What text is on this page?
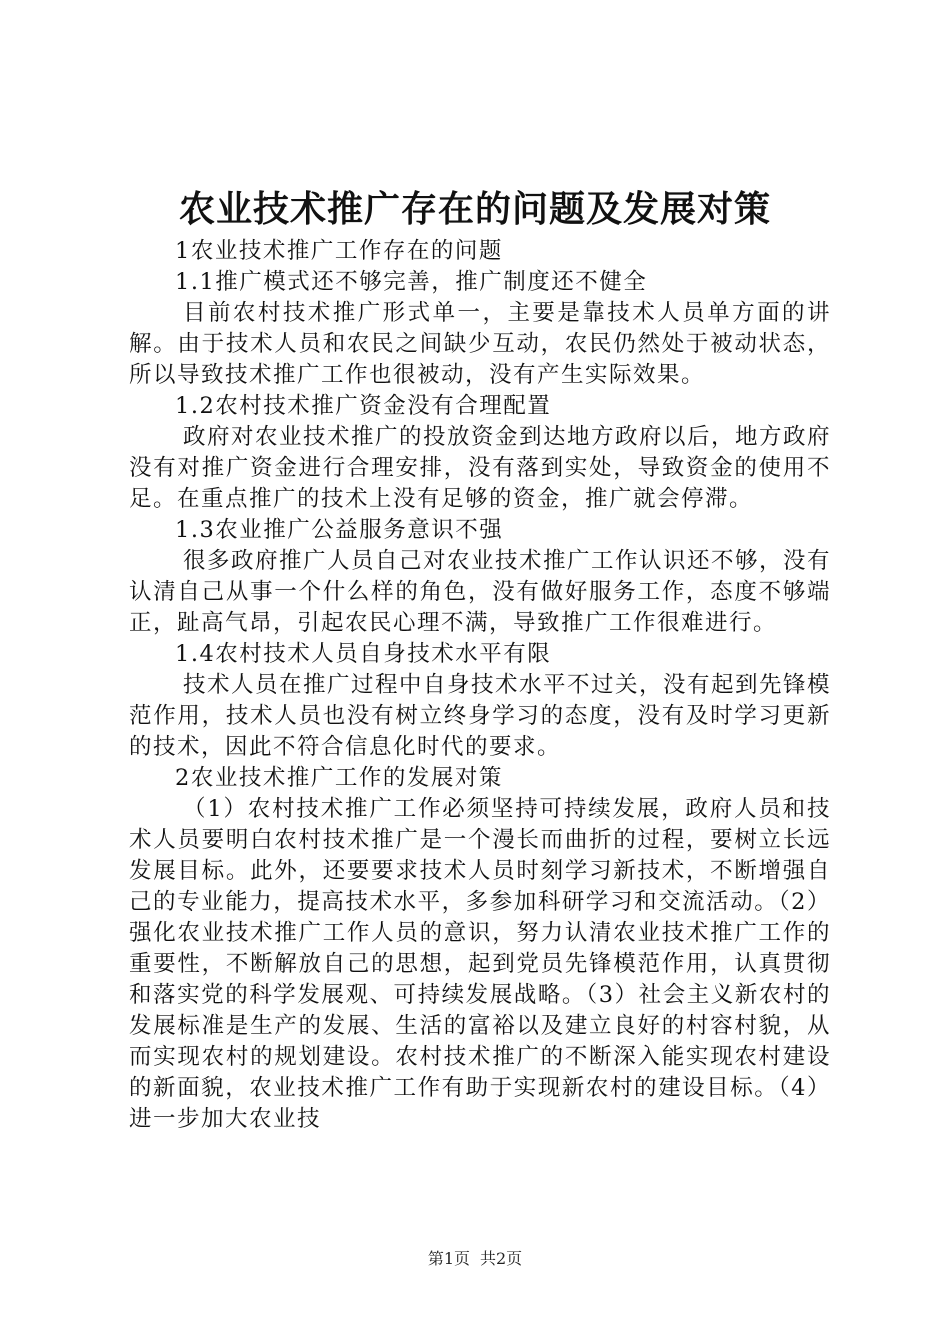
农业技术推广存在的问题及发展对策

1农业技术推广工作存在的问题

1.1推广模式还不够完善，推广制度还不健全

目前农村技术推广形式单一，主要是靠技术人员单方面的讲解。由于技术人员和农民之间缺少互动，农民仍然处于被动状态，所以导致技术推广工作也很被动，没有产生实际效果。

1.2农村技术推广资金没有合理配置

政府对农业技术推广的投放资金到达地方政府以后，地方政府没有对推广资金进行合理安排，没有落到实处，导致资金的使用不足。在重点推广的技术上没有足够的资金，推广就会停滞。

1.3农业推广公益服务意识不强

很多政府推广人员自己对农业技术推广工作认识还不够，没有认清自己从事一个什么样的角色，没有做好服务工作，态度不够端正，趾高气昂，引起农民心理不满，导致推广工作很难进行。

1.4农村技术人员自身技术水平有限

技术人员在推广过程中自身技术水平不过关，没有起到先锋模范作用，技术人员也没有树立终身学习的态度，没有及时学习更新的技术，因此不符合信息化时代的要求。

2农业技术推广工作的发展对策

（1）农村技术推广工作必须坚持可持续发展，政府人员和技术人员要明白农村技术推广是一个漫长而曲折的过程，要树立长远发展目标。此外，还要要求技术人员时刻学习新技术，不断增强自己的专业能力，提高技术水平，多参加科研学习和交流活动。（2）强化农业技术推广工作人员的意识，努力认清农业技术推广工作的重要性，不断解放自己的思想，起到党员先锋模范作用，认真贯彻和落实党的科学发展观、可持续发展战略。（3）社会主义新农村的发展标准是生产的发展、生活的富裕以及建立良好的村容村貌，从而实现农村的规划建设。农村技术推广的不断深入能实现农村建设的新面貌，农业技术推广工作有助于实现新农村的建设目标。（4）进一步加大农业技

第1页 共2页
